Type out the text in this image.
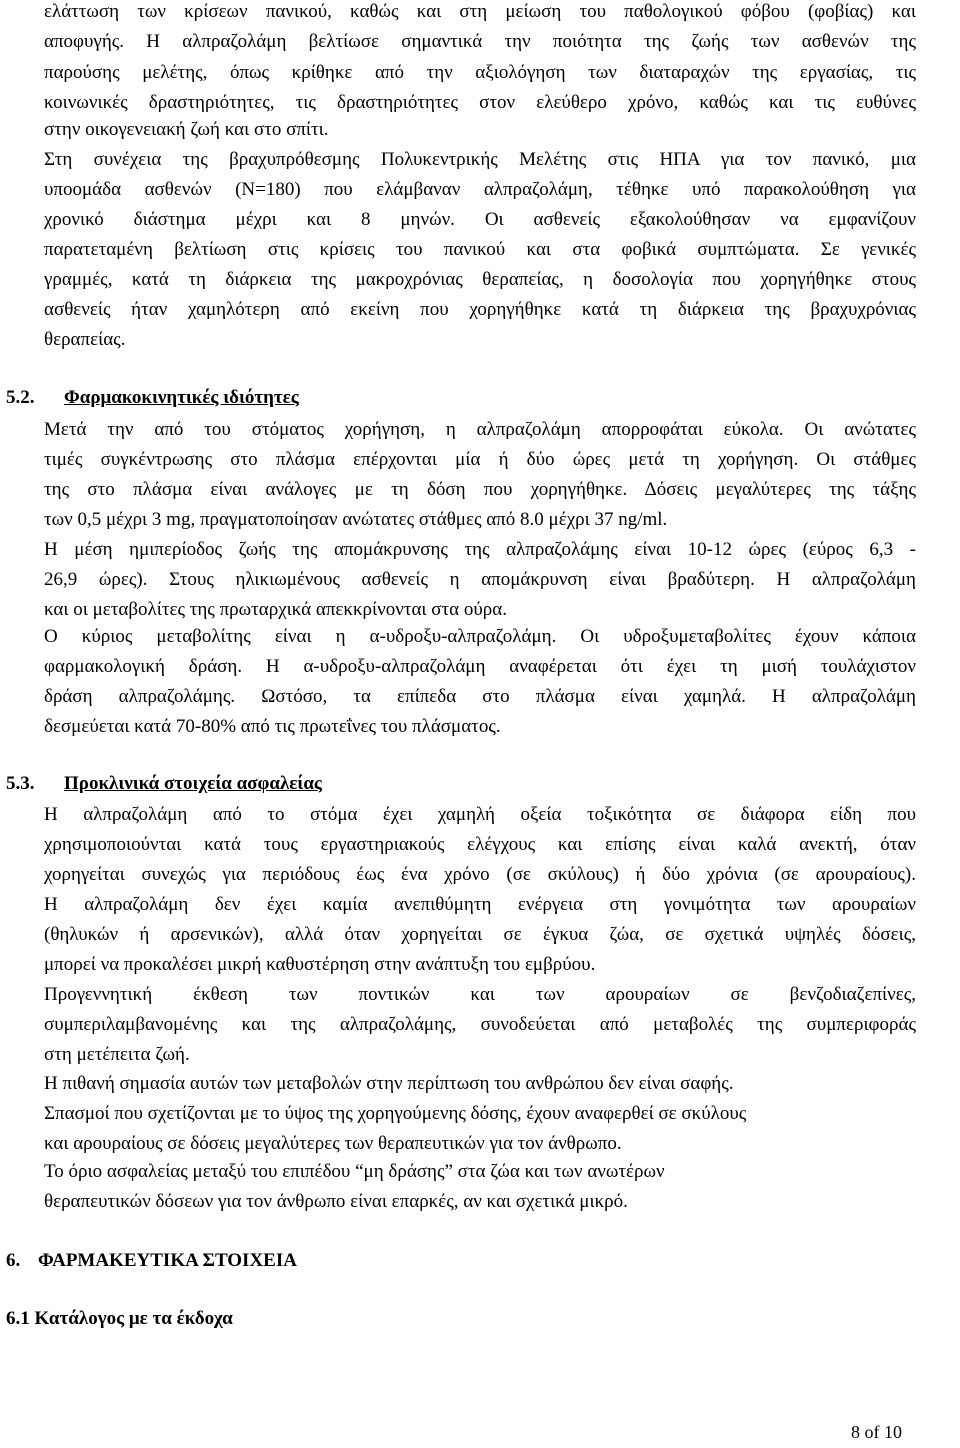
ελάττωση των κρίσεων πανικού, καθώς και στη μείωση του παθολογικού φόβου (φοβίας) και
αποφυγής. Η αλπραζολάμη βελτίωσε σημαντικά την ποιότητα της ζωής των ασθενών της
παρούσης μελέτης, όπως κρίθηκε από την αξιολόγηση των διαταραχών της εργασίας, τις
κοινωνικές δραστηριότητες, τις δραστηριότητες στον ελεύθερο χρόνο, καθώς και τις ευθύνες
στην οικογενειακή ζωή και στο σπίτι.
Στη συνέχεια της βραχυπρόθεσμης Πολυκεντρικής Μελέτης στις ΗΠΑ για τον πανικό, μια
υποομάδα ασθενών (Ν=180) που ελάμβαναν αλπραζολάμη, τέθηκε υπό παρακολούθηση για
χρονικό διάστημα μέχρι και 8 μηνών. Οι ασθενείς εξακολούθησαν να εμφανίζουν
παρατεταμένη βελτίωση στις κρίσεις του πανικού και στα φοβικά συμπτώματα. Σε γενικές
γραμμές, κατά τη διάρκεια της μακροχρόνιας θεραπείας, η δοσολογία που χορηγήθηκε στους
ασθενείς ήταν χαμηλότερη από εκείνη που χορηγήθηκε κατά τη διάρκεια της βραχυχρόνιας
θεραπείας.
5.2. Φαρμακοκινητικές ιδιότητες
Μετά την από του στόματος χορήγηση, η αλπραζολάμη απορροφάται εύκολα. Οι ανώτατες
τιμές συγκέντρωσης στο πλάσμα επέρχονται μία ή δύο ώρες μετά τη χορήγηση. Οι στάθμες
της στο πλάσμα είναι ανάλογες με τη δόση που χορηγήθηκε. Δόσεις μεγαλύτερες της τάξης
των 0,5 μέχρι 3 mg, πραγματοποίησαν ανώτατες στάθμες από 8.0 μέχρι 37 ng/ml.
Η μέση ημιπερίοδος ζωής της απομάκρυνσης της αλπραζολάμης είναι 10-12 ώρες (εύρος 6,3 -
26,9 ώρες). Στους ηλικιωμένους ασθενείς η απομάκρυνση είναι βραδύτερη. Η αλπραζολάμη
και οι μεταβολίτες της πρωταρχικά απεκκρίνονται στα ούρα.
Ο κύριος μεταβολίτης είναι η α-υδροξυ-αλπραζολάμη. Οι υδροξυμεταβολίτες έχουν κάποια
φαρμακολογική δράση. Η α-υδροξυ-αλπραζολάμη αναφέρεται ότι έχει τη μισή τουλάχιστον
δράση αλπραζολάμης. Ωστόσο, τα επίπεδα στο πλάσμα είναι χαμηλά. Η αλπραζολάμη
δεσμεύεται κατά 70-80% από τις πρωτεΐνες του πλάσματος.
5.3. Προκλινικά στοιχεία ασφαλείας
Η αλπραζολάμη από το στόμα έχει χαμηλή οξεία τοξικότητα σε διάφορα είδη που
χρησιμοποιούνται κατά τους εργαστηριακούς ελέγχους και επίσης είναι καλά ανεκτή, όταν
χορηγείται συνεχώς για περιόδους έως ένα χρόνο (σε σκύλους) ή δύο χρόνια (σε αρουραίους).
Η αλπραζολάμη δεν έχει καμία ανεπιθύμητη ενέργεια στη γονιμότητα των αρουραίων
(θηλυκών ή αρσενικών), αλλά όταν χορηγείται σε έγκυα ζώα, σε σχετικά υψηλές δόσεις,
μπορεί να προκαλέσει μικρή καθυστέρηση στην ανάπτυξη του εμβρύου.
Προγεννητική έκθεση των ποντικών και των αρουραίων σε βενζοδιαζεπίνες,
συμπεριλαμβανομένης και της αλπραζολάμης, συνοδεύεται από μεταβολές της συμπεριφοράς
στη μετέπειτα ζωή.
Η πιθανή σημασία αυτών των μεταβολών στην περίπτωση του ανθρώπου δεν είναι σαφής.
Σπασμοί που σχετίζονται με το ύψος της χορηγούμενης δόσης, έχουν αναφερθεί σε σκύλους
και αρουραίους σε δόσεις μεγαλύτερες των θεραπευτικών για τον άνθρωπο.
Το όριο ασφαλείας μεταξύ του επιπέδου “μη δράσης” στα ζώα και των ανωτέρων
θεραπευτικών δόσεων για τον άνθρωπο είναι επαρκές, αν και σχετικά μικρό.
6. ΦΑΡΜΑΚΕΥΤΙΚΑ ΣΤΟΙΧΕΙΑ
6.1 Κατάλογος με τα έκδοχα
8 of 10
